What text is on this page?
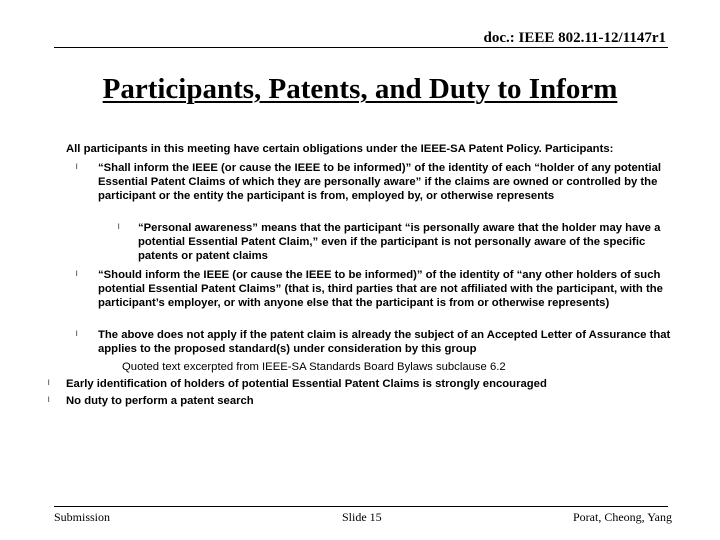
doc.: IEEE 802.11-12/1147r1
Participants, Patents, and Duty to Inform
All participants in this meeting have certain obligations under the IEEE-SA Patent Policy. Participants:
l “Shall inform the IEEE (or cause the IEEE to be informed)” of the identity of each “holder of any potential Essential Patent Claims of which they are personally aware” if the claims are owned or controlled by the participant or the entity the participant is from, employed by, or otherwise represents
l “Personal awareness” means that the participant “is personally aware that the holder may have a potential Essential Patent Claim,” even if the participant is not personally aware of the specific patents or patent claims
l “Should inform the IEEE (or cause the IEEE to be informed)” of the identity of “any other holders of such potential Essential Patent Claims” (that is, third parties that are not affiliated with the participant, with the participant’s employer, or with anyone else that the participant is from or otherwise represents)
l The above does not apply if the patent claim is already the subject of an Accepted Letter of Assurance that applies to the proposed standard(s) under consideration by this group
Quoted text excerpted from IEEE-SA Standards Board Bylaws subclause 6.2
l Early identification of holders of potential Essential Patent Claims is strongly encouraged
l No duty to perform a patent search
Submission	Slide 15	Porat, Cheong, Yang
